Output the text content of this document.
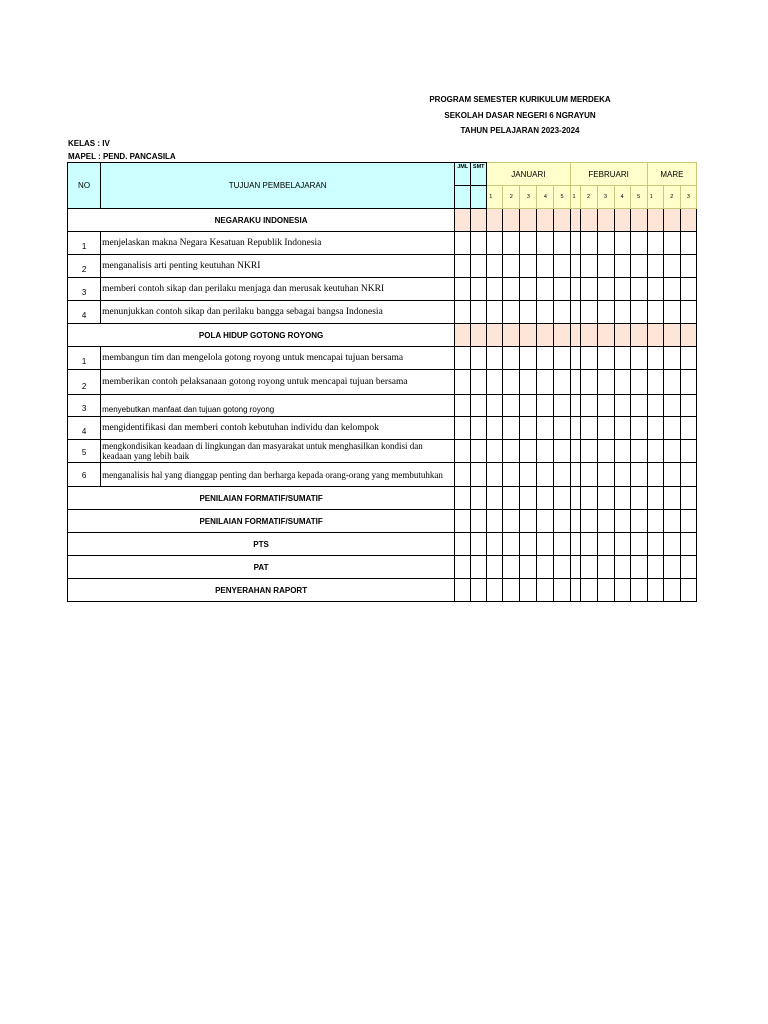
PROGRAM SEMESTER KURIKULUM MERDEKA
SEKOLAH DASAR NEGERI 6 NGRAYUN
TAHUN PELAJARAN 2023-2024
KELAS : IV
MAPEL : PEND. PANCASILA
NO	TUJUAN PEMBELAJARAN	JML	SMT	JANUARI					FEBRUARI					MARE		
				1	2	3	4	5	1	2	3	4	5	1	2	3
NEGARAKU INDONESIA																
1	menjelaskan makna Negara Kesatuan Republik Indonesia															
2	menganalisis arti penting keutuhan NKRI															
3	memberi contoh sikap dan perilaku menjaga dan merusak keutuhan NKRI															
4	menunjukkan contoh sikap dan perilaku bangga sebagai bangsa Indonesia															
POLA HIDUP GOTONG ROYONG																
1	membangun tim dan mengelola gotong royong untuk mencapai tujuan bersama															
2	memberikan contoh pelaksanaan gotong royong untuk mencapai tujuan bersama															
3	menyebutkan manfaat dan tujuan gotong royong															
4	mengidentifikasi dan memberi contoh kebutuhan individu dan kelompok															
5	mengkondisikan keadaan di lingkungan dan masyarakat untuk menghasilkan kondisi dan keadaan yang lebih baik															
6	menganalisis hal yang dianggap penting dan berharga kepada orang-orang yang membutuhkan															
PENILAIAN FORMATIF/SUMATIF																
PENILAIAN FORMATIF/SUMATIF																
PTS																
PAT																
PENYERAHAN RAPORT																
